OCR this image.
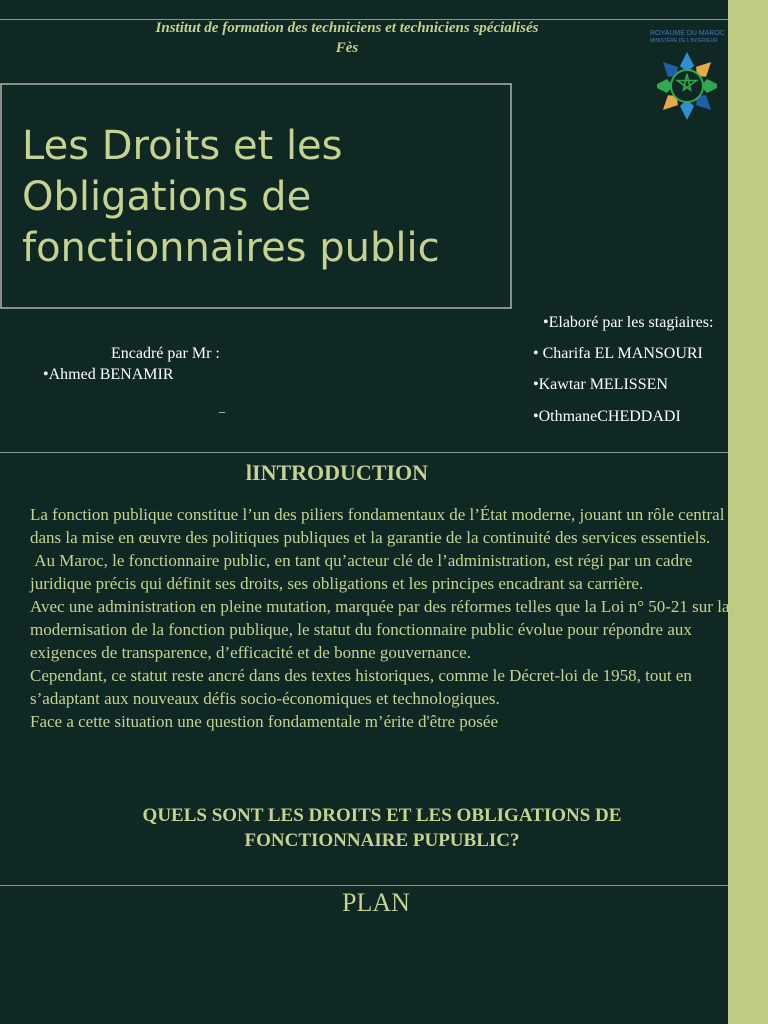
Institut de formation des techniciens et techniciens spécialisés
Fès
ROYAUME DU MAROC
MINISTÈRE DE L'INTÉRIEUR
Les Droits et les
Obligations de
fonctionnaires public
Encadré par Mr :
•Ahmed BENAMIR
_
•Elaboré par les stagiaires:
• Charifa EL MANSOURI
•Kawtar MELISSEN
•OthmaneCHEDDADI
lINTRODUCTION

La fonction publique constitue l’un des piliers fondamentaux de l’État moderne, jouant un rôle central dans la mise en œuvre des politiques publiques et la garantie de la continuité des services essentiels.

Au Maroc, le fonctionnaire public, en tant qu’acteur clé de l’administration, est régi par un cadre juridique précis qui définit ses droits, ses obligations et les principes encadrant sa carrière.

Avec une administration en pleine mutation, marquée par des réformes telles que la Loi n° 50-21 sur la modernisation de la fonction publique, le statut du fonctionnaire public évolue pour répondre aux exigences de transparence, d’efficacité et de bonne gouvernance.

Cependant, ce statut reste ancré dans des textes historiques, comme le Décret-loi de 1958, tout en s’adaptant aux nouveaux défis socio-économiques et technologiques.

Face a cette situation une question fondamentale m’érite d'être posée

QUELS SONT LES DROITS ET LES OBLIGATIONS DE
FONCTIONNAIRE PUPUBLIC?
PLAN
